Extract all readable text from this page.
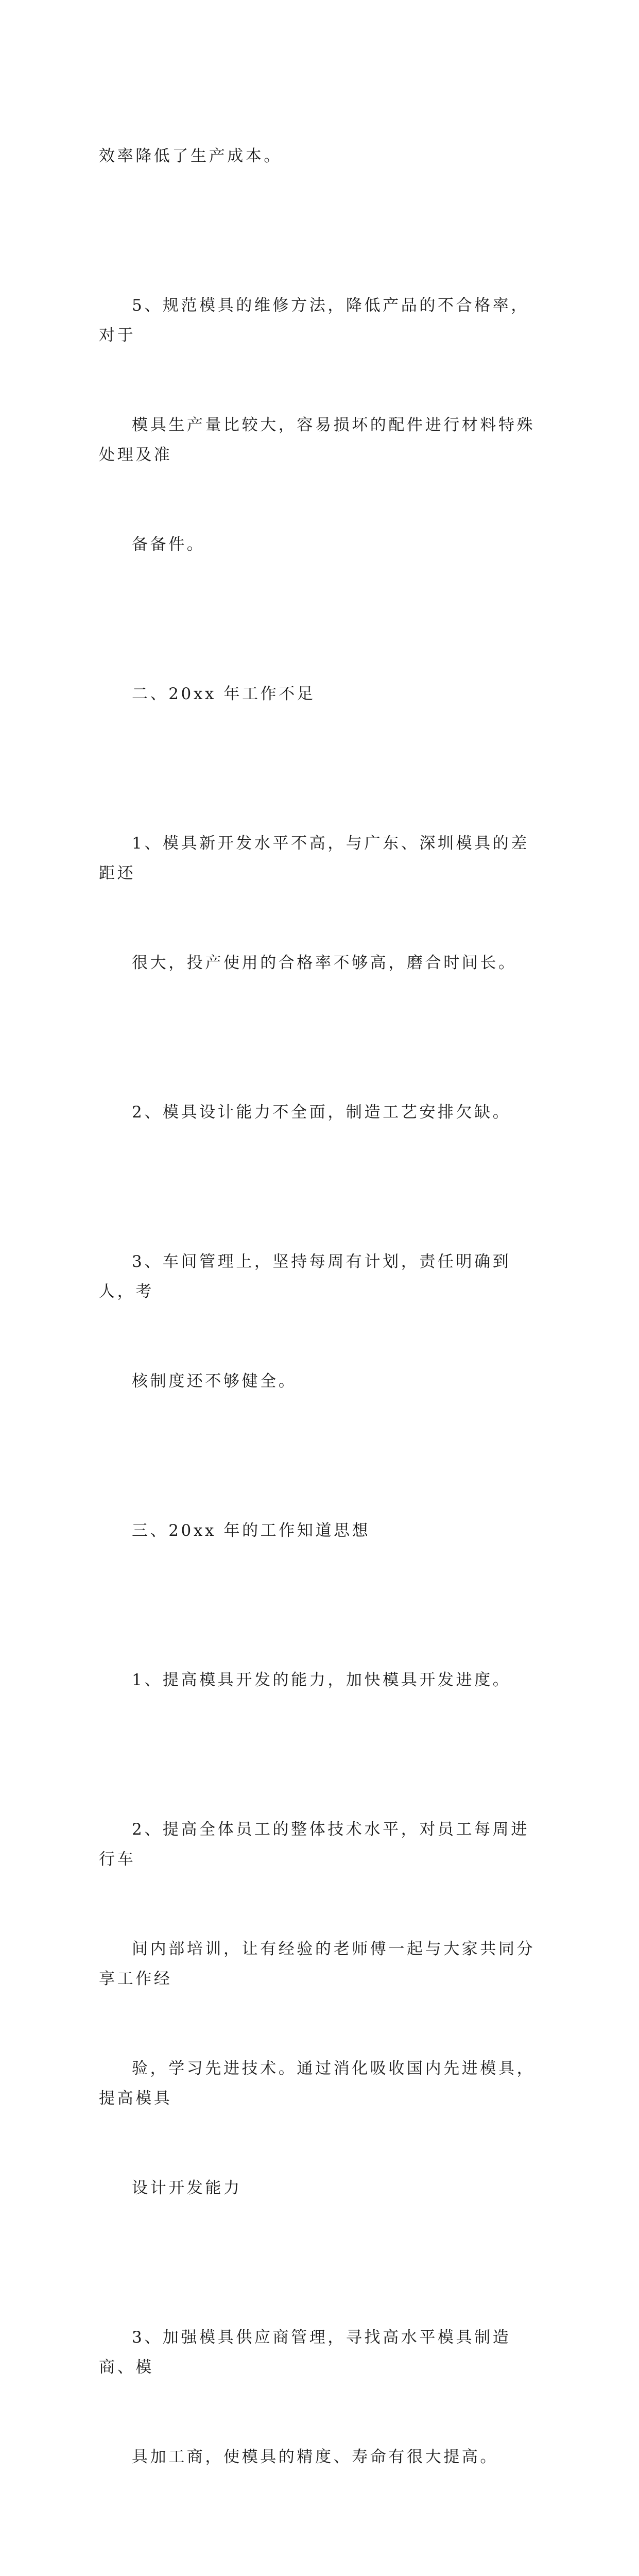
效率降低了生产成本。

5、规范模具的维修方法，降低产品的不合格率，对于

模具生产量比较大，容易损坏的配件进行材料特殊处理及准

备备件。

二、20xx 年工作不足

1、模具新开发水平不高，与广东、深圳模具的差距还

很大，投产使用的合格率不够高，磨合时间长。

2、模具设计能力不全面，制造工艺安排欠缺。

3、车间管理上，坚持每周有计划，责任明确到人，考

核制度还不够健全。

三、20xx 年的工作知道思想

1、提高模具开发的能力，加快模具开发进度。

2、提高全体员工的整体技术水平，对员工每周进行车

间内部培训，让有经验的老师傅一起与大家共同分享工作经

验，学习先进技术。通过消化吸收国内先进模具，提高模具

设计开发能力

3、加强模具供应商管理，寻找高水平模具制造商、模

具加工商，使模具的精度、寿命有很大提高。
